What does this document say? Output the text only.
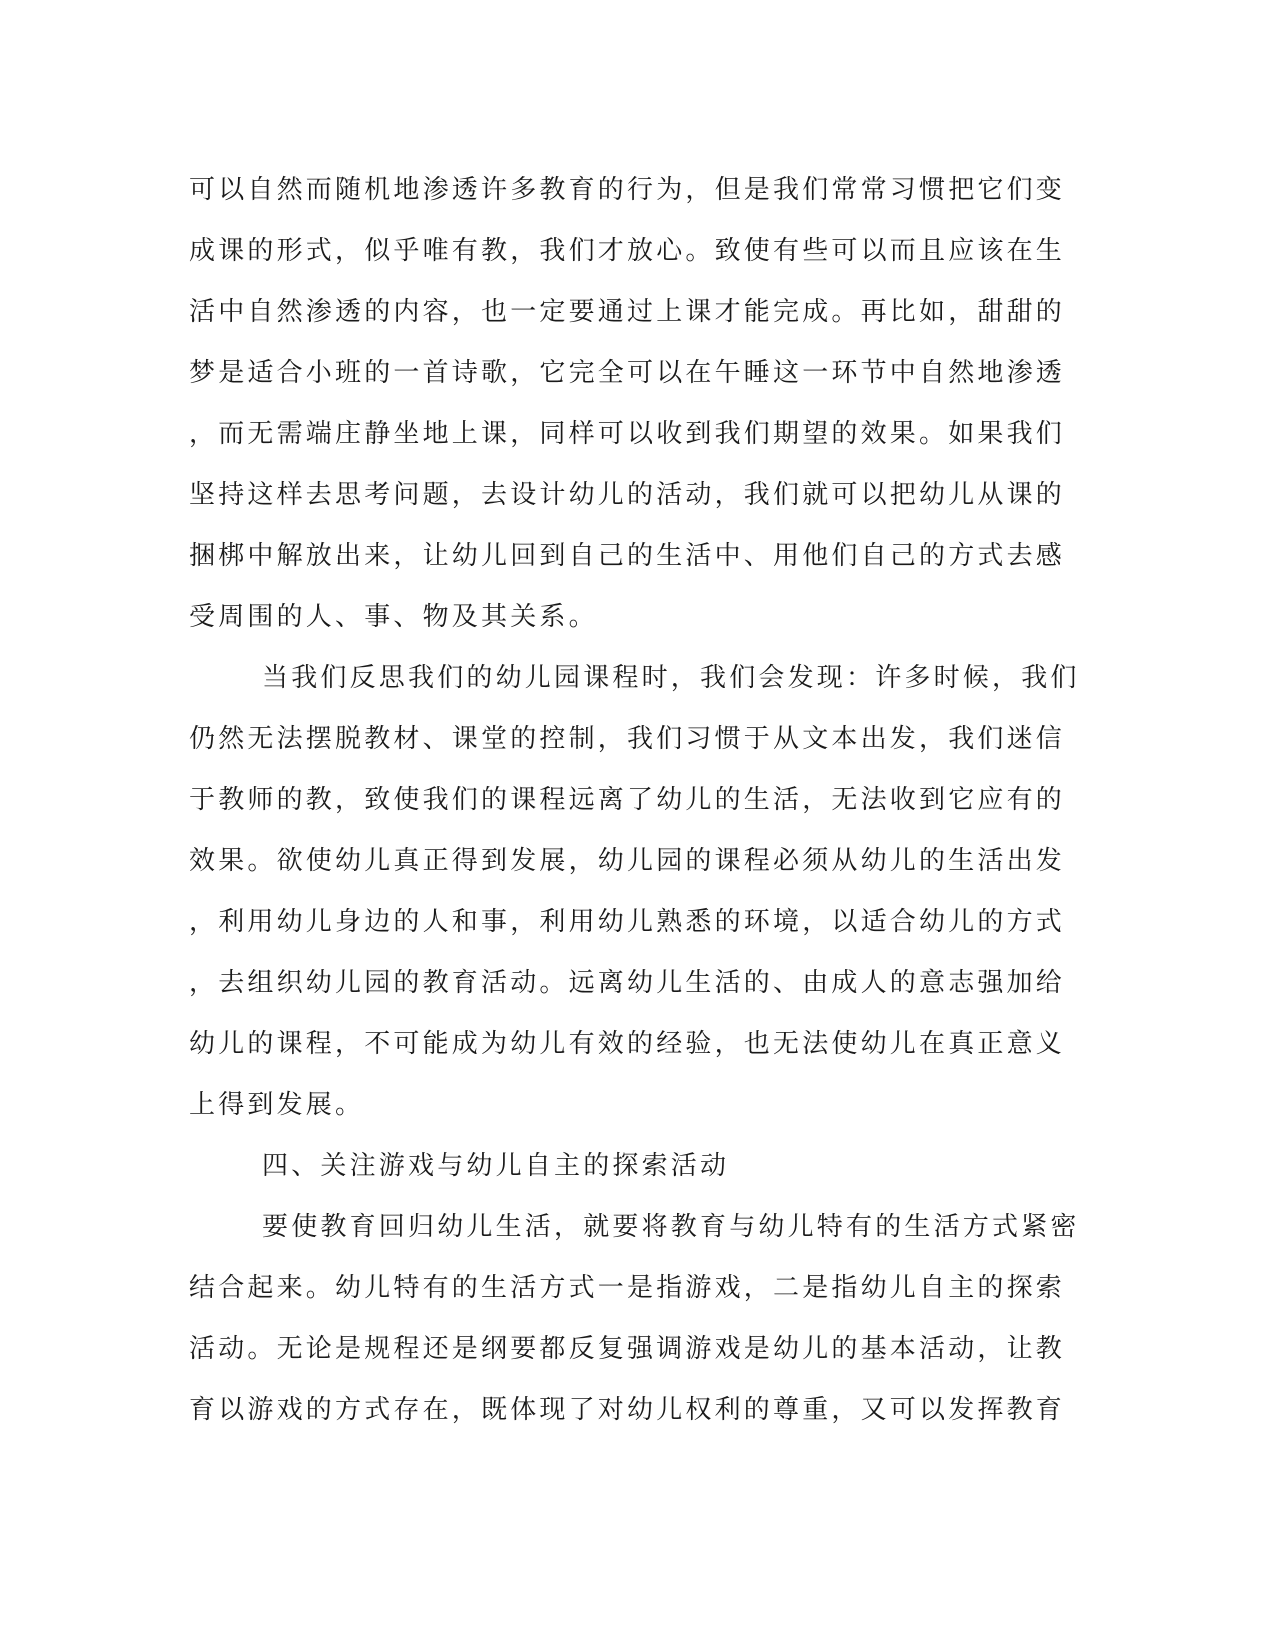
可以自然而随机地渗透许多教育的行为，但是我们常常习惯把它们变
成课的形式，似乎唯有教，我们才放心。致使有些可以而且应该在生
活中自然渗透的内容，也一定要通过上课才能完成。再比如，甜甜的
梦是适合小班的一首诗歌，它完全可以在午睡这一环节中自然地渗透
，而无需端庄静坐地上课，同样可以收到我们期望的效果。如果我们
坚持这样去思考问题，去设计幼儿的活动，我们就可以把幼儿从课的
捆梆中解放出来，让幼儿回到自己的生活中、用他们自己的方式去感
受周围的人、事、物及其关系。
当我们反思我们的幼儿园课程时，我们会发现：许多时候，我们
仍然无法摆脱教材、课堂的控制，我们习惯于从文本出发，我们迷信
于教师的教，致使我们的课程远离了幼儿的生活，无法收到它应有的
效果。欲使幼儿真正得到发展，幼儿园的课程必须从幼儿的生活出发
，利用幼儿身边的人和事，利用幼儿熟悉的环境，以适合幼儿的方式
，去组织幼儿园的教育活动。远离幼儿生活的、由成人的意志强加给
幼儿的课程，不可能成为幼儿有效的经验，也无法使幼儿在真正意义
上得到发展。
四、关注游戏与幼儿自主的探索活动
要使教育回归幼儿生活，就要将教育与幼儿特有的生活方式紧密
结合起来。幼儿特有的生活方式一是指游戏，二是指幼儿自主的探索
活动。无论是规程还是纲要都反复强调游戏是幼儿的基本活动，让教
育以游戏的方式存在，既体现了对幼儿权利的尊重，又可以发挥教育
